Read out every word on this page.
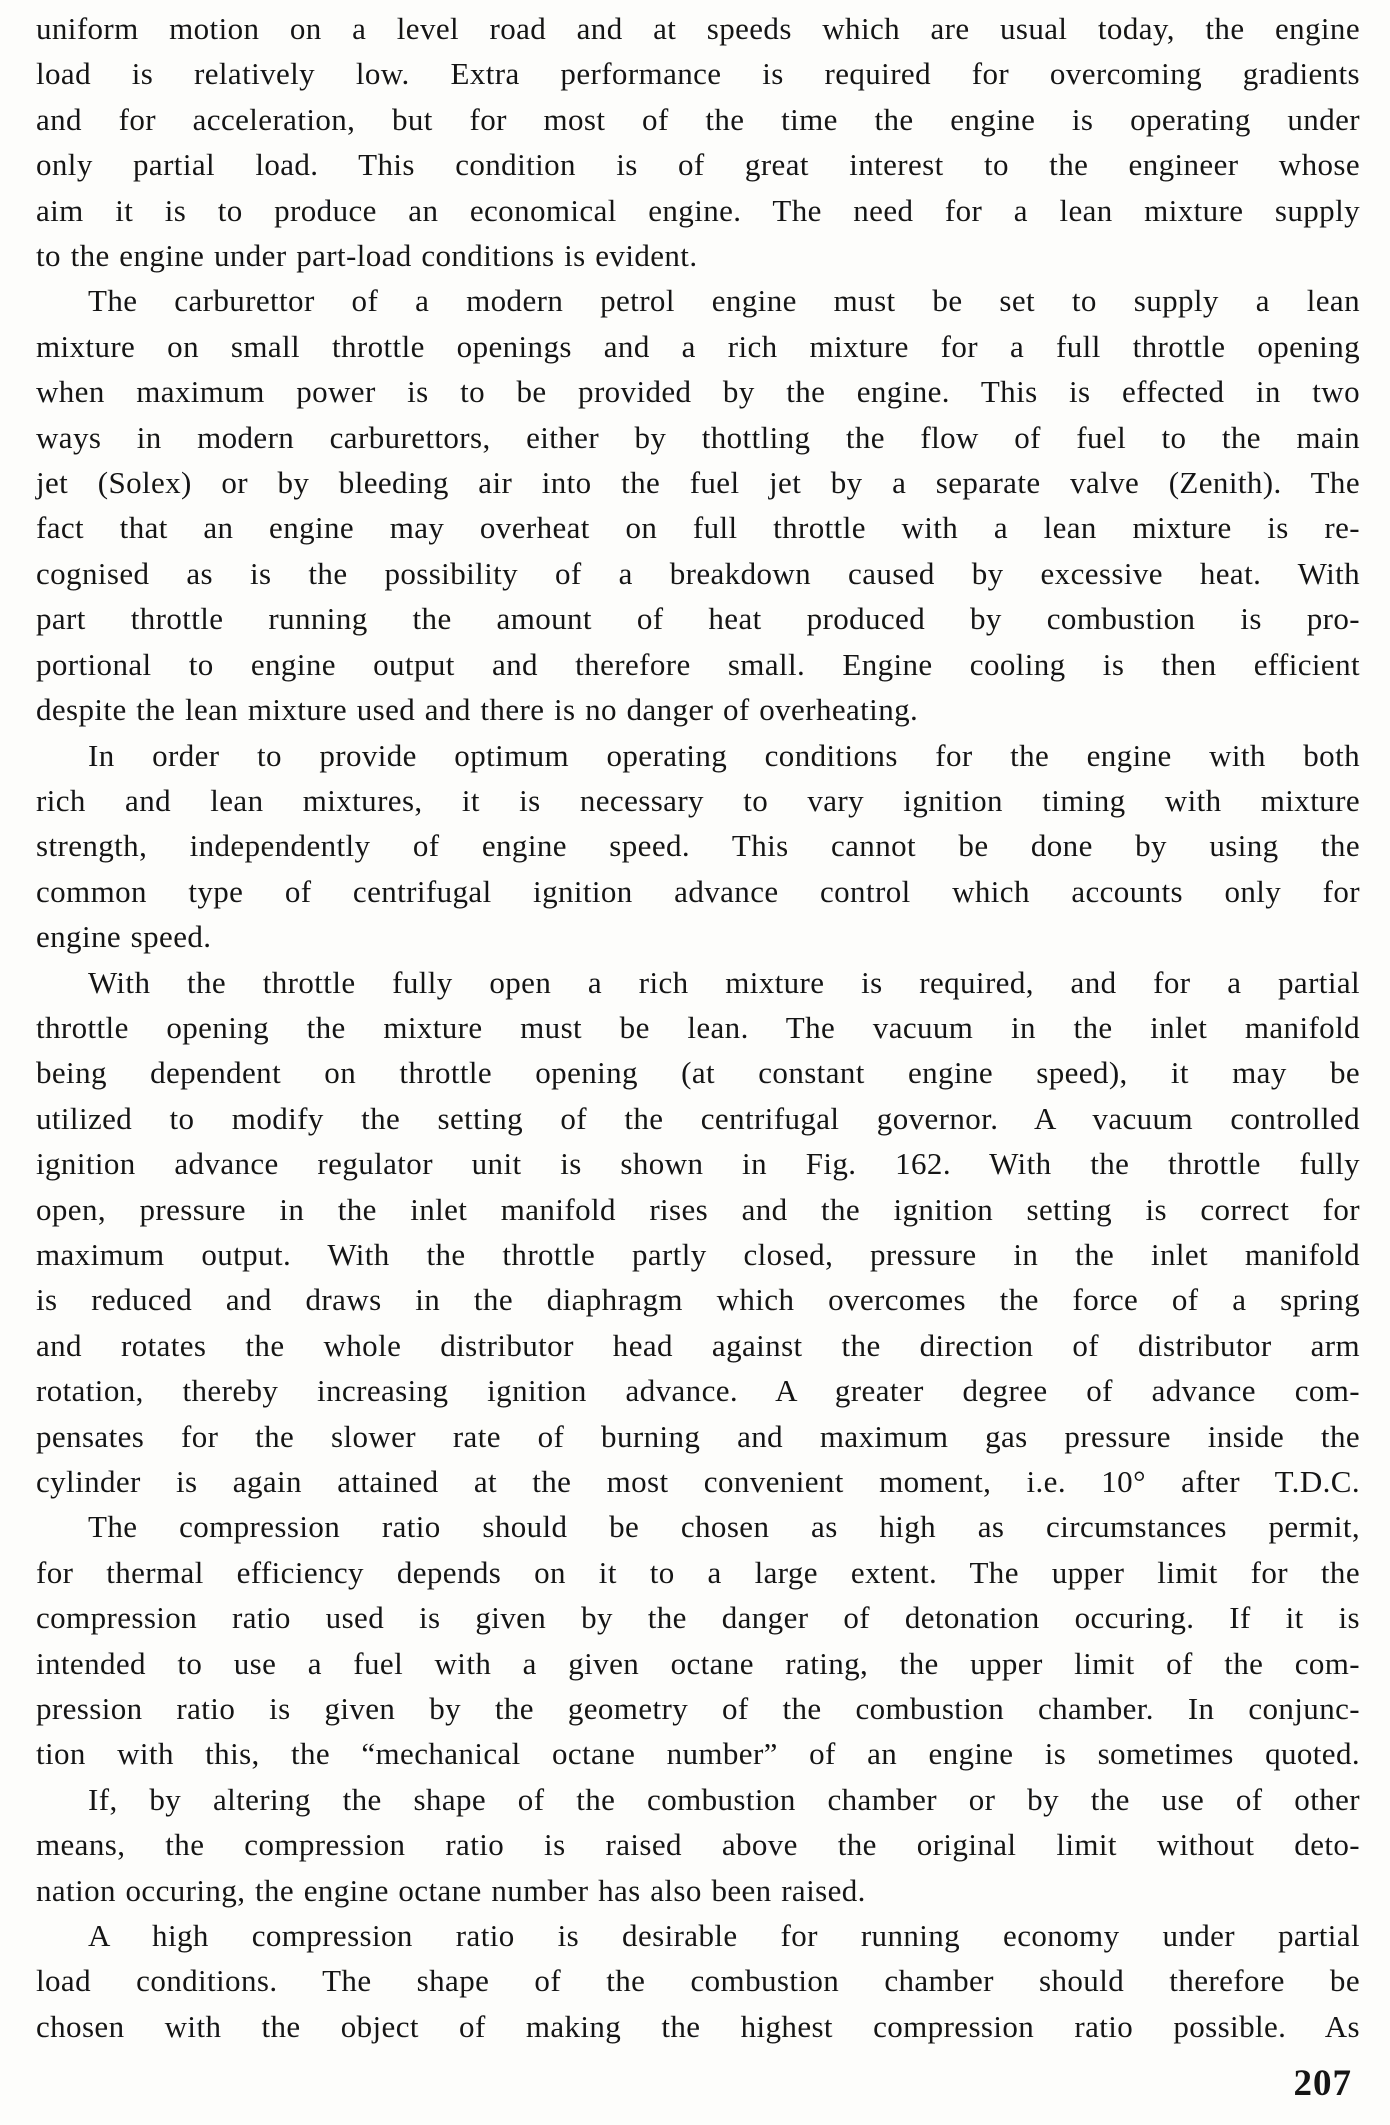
uniform motion on a level road and at speeds which are usual today, the engine
load is relatively low. Extra performance is required for overcoming gradients
and for acceleration, but for most of the time the engine is operating under
only partial load. This condition is of great interest to the engineer whose
aim it is to produce an economical engine. The need for a lean mixture supply
to the engine under part-load conditions is evident.
The carburettor of a modern petrol engine must be set to supply a lean
mixture on small throttle openings and a rich mixture for a full throttle opening
when maximum power is to be provided by the engine. This is effected in two
ways in modern carburettors, either by thottling the flow of fuel to the main
jet (Solex) or by bleeding air into the fuel jet by a separate valve (Zenith). The
fact that an engine may overheat on full throttle with a lean mixture is re-
cognised as is the possibility of a breakdown caused by excessive heat. With
part throttle running the amount of heat produced by combustion is pro-
portional to engine output and therefore small. Engine cooling is then efficient
despite the lean mixture used and there is no danger of overheating.
In order to provide optimum operating conditions for the engine with both
rich and lean mixtures, it is necessary to vary ignition timing with mixture
strength, independently of engine speed. This cannot be done by using the
common type of centrifugal ignition advance control which accounts only for
engine speed.
With the throttle fully open a rich mixture is required, and for a partial
throttle opening the mixture must be lean. The vacuum in the inlet manifold
being dependent on throttle opening (at constant engine speed), it may be
utilized to modify the setting of the centrifugal governor. A vacuum controlled
ignition advance regulator unit is shown in Fig. 162. With the throttle fully
open, pressure in the inlet manifold rises and the ignition setting is correct for
maximum output. With the throttle partly closed, pressure in the inlet manifold
is reduced and draws in the diaphragm which overcomes the force of a spring
and rotates the whole distributor head against the direction of distributor arm
rotation, thereby increasing ignition advance. A greater degree of advance com-
pensates for the slower rate of burning and maximum gas pressure inside the
cylinder is again attained at the most convenient moment, i.e. 10° after T.D.C.
The compression ratio should be chosen as high as circumstances permit,
for thermal efficiency depends on it to a large extent. The upper limit for the
compression ratio used is given by the danger of detonation occuring. If it is
intended to use a fuel with a given octane rating, the upper limit of the com-
pression ratio is given by the geometry of the combustion chamber. In conjunc-
tion with this, the “mechanical octane number” of an engine is sometimes quoted.
If, by altering the shape of the combustion chamber or by the use of other
means, the compression ratio is raised above the original limit without deto-
nation occuring, the engine octane number has also been raised.
A high compression ratio is desirable for running economy under partial
load conditions. The shape of the combustion chamber should therefore be
chosen with the object of making the highest compression ratio possible. As
207
